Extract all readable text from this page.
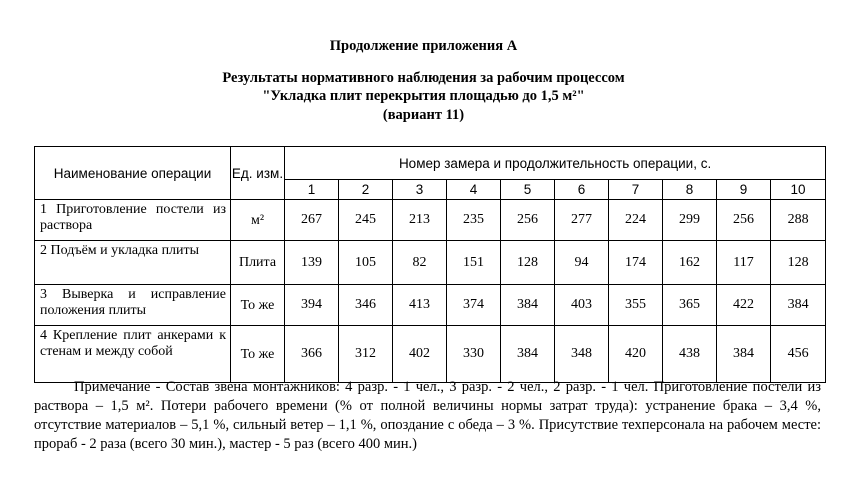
Продолжение приложения А
Результаты нормативного наблюдения за рабочим процессом
"Укладка плит перекрытия площадью до 1,5 м²"
(вариант 11)
Наименование операции	Ед. изм.	Номер замера и продолжительность операции, с.									
		1	2	3	4	5	6	7	8	9	10
1 Приготовление постели из раствора	м²	267	245	213	235	256	277	224	299	256	288
2 Подъём и укладка плиты	Плита	139	105	82	151	128	94	174	162	117	128
3 Выверка и исправление положения плиты	То же	394	346	413	374	384	403	355	365	422	384
4 Крепление плит анкерами к стенам и между собой	То же	366	312	402	330	384	348	420	438	384	456
Примечание - Состав звена монтажников: 4 разр. - 1 чел., 3 разр. - 2 чел., 2 разр. - 1 чел. Приготовление постели из раствора – 1,5 м². Потери рабочего времени (% от полной величины нормы затрат труда): устранение брака – 3,4 %, отсутствие материалов – 5,1 %, сильный ветер – 1,1 %, опоздание с обеда – 3 %. Присутствие техперсонала на рабочем месте: прораб - 2 раза (всего 30 мин.), мастер - 5 раз (всего 400 мин.)
